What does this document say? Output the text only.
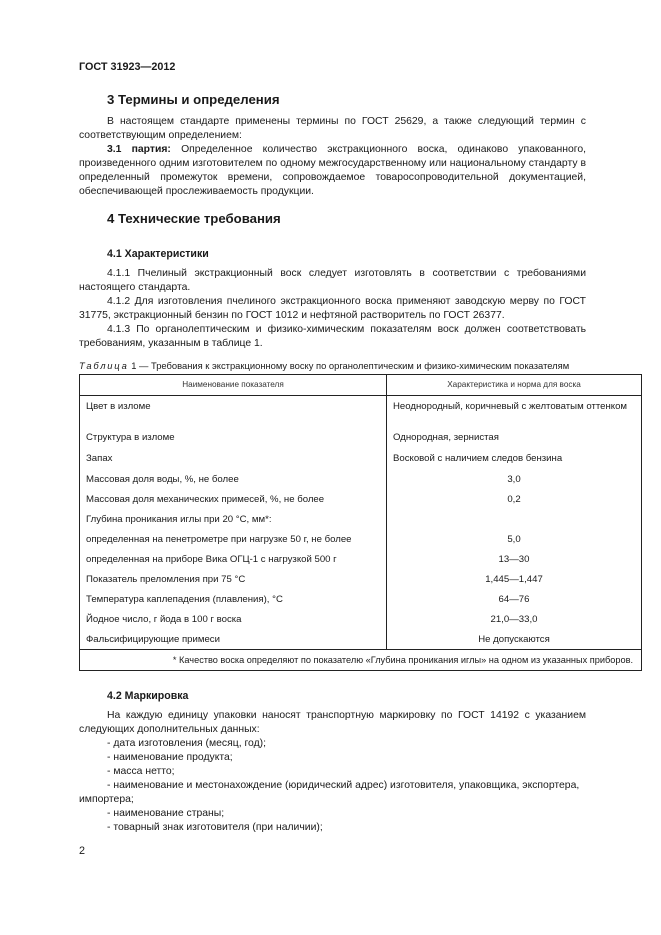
ГОСТ 31923—2012
3 Термины и определения

В настоящем стандарте применены термины по ГОСТ 25629, а также следующий термин с соответствующим определением:

3.1 партия: Определенное количество экстракционного воска, одинаково упакованного, произведенного одним изготовителем по одному межгосударственному или национальному стандарту в определенный промежуток времени, сопровождаемое товаросопроводительной документацией, обеспечивающей прослеживаемость продукции.

4 Технические требования
4.1 Характеристики

4.1.1 Пчелиный экстракционный воск следует изготовлять в соответствии с требованиями настоящего стандарта.

4.1.2 Для изготовления пчелиного экстракционного воска применяют заводскую мерву по ГОСТ 31775, экстракционный бензин по ГОСТ 1012 и нефтяной растворитель по ГОСТ 26377.

4.1.3 По органолептическим и физико-химическим показателям воск должен соответствовать требованиям, указанным в таблице 1.

Таблица 1 — Требования к экстракционному воску по органолептическим и физико-химическим показателям
Наименование показателя	Характеристика и норма для воска
Цвет в изломе	Неоднородный, коричневый с желтоватым оттенком
Структура в изломе	Однородная, зернистая
Запах	Восковой с наличием следов бензина
Массовая доля воды, %, не более	3,0
Массовая доля механических примесей, %, не более	0,2
Глубина проникания иглы при 20 °С, мм*:	
определенная на пенетрометре при нагрузке 50 г, не более	5,0
определенная на приборе Вика ОГЦ-1 с нагрузкой 500 г	13—30
Показатель преломления при 75 °С	1,445—1,447
Температура каплепадения (плавления), °С	64—76
Йодное число, г йода в 100 г воска	21,0—33,0
Фальсифицирующие примеси	Не допускаются
* Качество воска определяют по показателю «Глубина проникания иглы» на одном из указанных приборов.	
4.2 Маркировка
На каждую единицу упаковки наносят транспортную маркировку по ГОСТ 14192 с указанием следующих дополнительных данных:
- дата изготовления (месяц, год);
- наименование продукта;
- масса нетто;
- наименование и местонахождение (юридический адрес) изготовителя, упаковщика, экспортера, импортера;
- наименование страны;
- товарный знак изготовителя (при наличии);
2
